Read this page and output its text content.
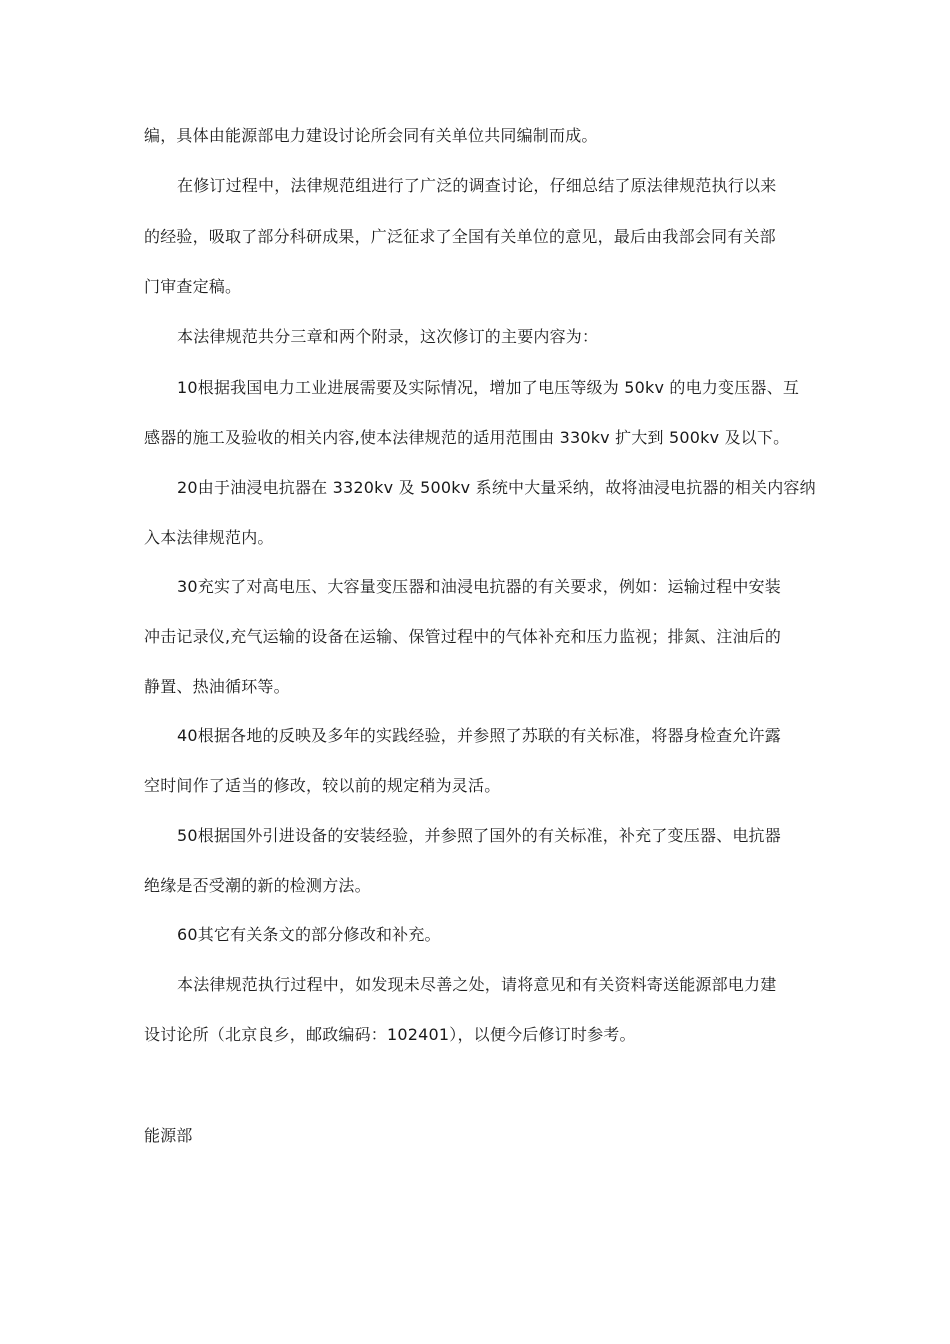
编，具体由能源部电力建设讨论所会同有关单位共同编制而成。
在修订过程中，法律规范组进行了广泛的调查讨论，仔细总结了原法律规范执行以来
的经验，吸取了部分科研成果，广泛征求了全国有关单位的意见，最后由我部会同有关部
门审查定稿。
本法律规范共分三章和两个附录，这次修订的主要内容为：
10根据我国电力工业进展需要及实际情况，增加了电压等级为 50kv 的电力变压器、互
感器的施工及验收的相关内容,使本法律规范的适用范围由 330kv 扩大到 500kv 及以下。
20由于油浸电抗器在 3320kv 及 500kv 系统中大量采纳，故将油浸电抗器的相关内容纳
入本法律规范内。
30充实了对高电压、大容量变压器和油浸电抗器的有关要求，例如：运输过程中安装
冲击记录仪,充气运输的设备在运输、保管过程中的气体补充和压力监视；排氮、注油后的
静置、热油循环等。
40根据各地的反映及多年的实践经验，并参照了苏联的有关标准，将器身检查允许露
空时间作了适当的修改，较以前的规定稍为灵活。
50根据国外引进设备的安装经验，并参照了国外的有关标准，补充了变压器、电抗器
绝缘是否受潮的新的检测方法。
60其它有关条文的部分修改和补充。
本法律规范执行过程中，如发现未尽善之处，请将意见和有关资料寄送能源部电力建
设讨论所（北京良乡，邮政编码：102401），以便今后修订时参考。
能源部
